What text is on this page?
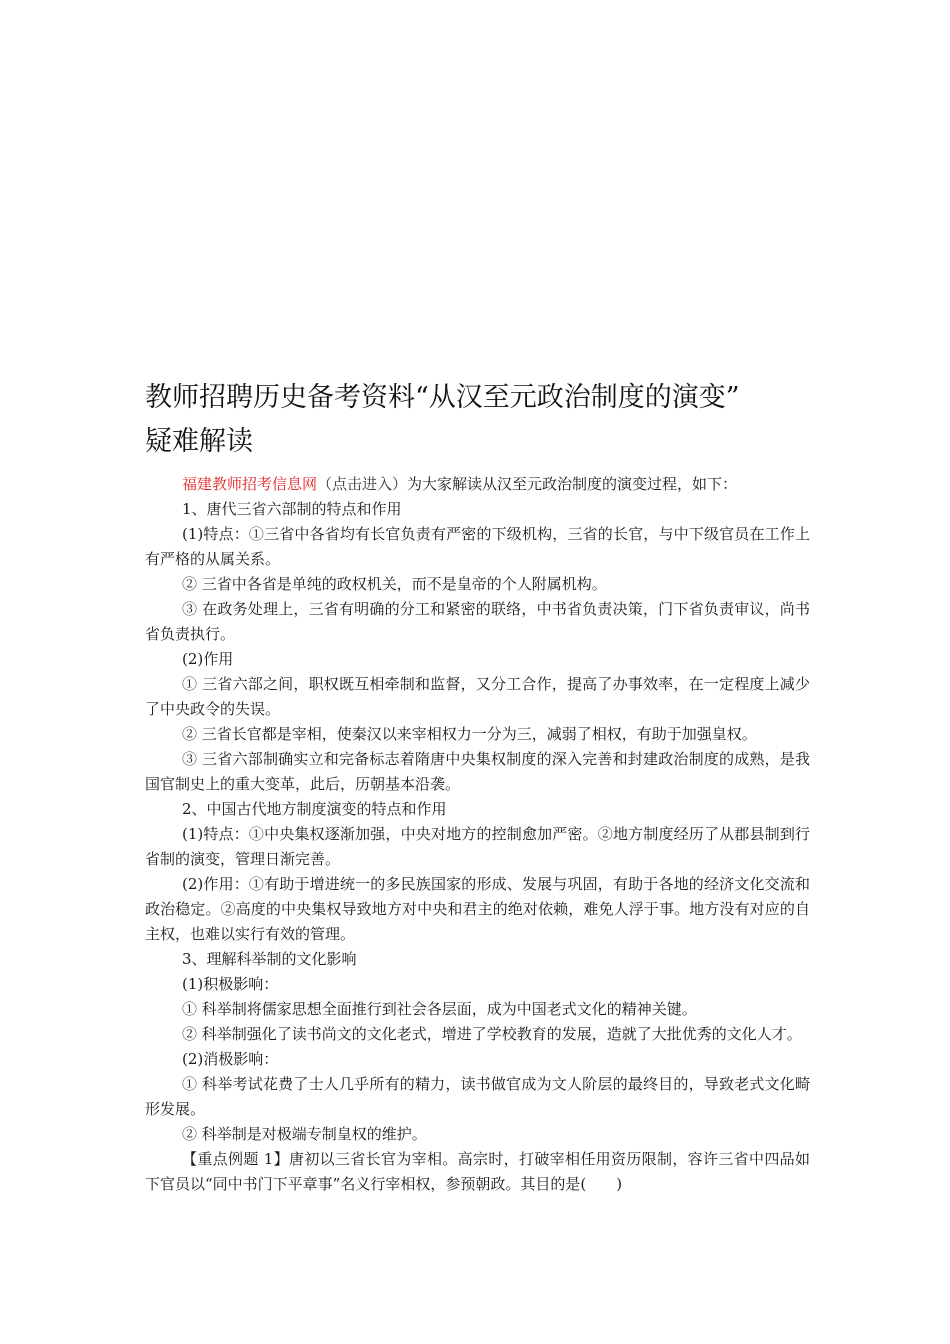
教师招聘历史备考资料“从汉至元政治制度的演变”
疑难解读

福建教师招考信息网（点击进入）为大家解读从汉至元政治制度的演变过程，如下：

1、唐代三省六部制的特点和作用

(1)特点：①三省中各省均有长官负责有严密的下级机构，三省的长官，与中下级官员在工作上有严格的从属关系。

② 三省中各省是单纯的政权机关，而不是皇帝的个人附属机构。

③ 在政务处理上，三省有明确的分工和紧密的联络，中书省负责决策，门下省负责审议，尚书省负责执行。

(2)作用

① 三省六部之间，职权既互相牵制和监督，又分工合作，提高了办事效率，在一定程度上减少了中央政令的失误。

② 三省长官都是宰相，使秦汉以来宰相权力一分为三，减弱了相权，有助于加强皇权。

③ 三省六部制确实立和完备标志着隋唐中央集权制度的深入完善和封建政治制度的成熟，是我国官制史上的重大变革，此后，历朝基本沿袭。

2、中国古代地方制度演变的特点和作用

(1)特点：①中央集权逐渐加强，中央对地方的控制愈加严密。②地方制度经历了从郡县制到行省制的演变，管理日渐完善。

(2)作用：①有助于增进统一的多民族国家的形成、发展与巩固，有助于各地的经济文化交流和政治稳定。②高度的中央集权导致地方对中央和君主的绝对依赖，难免人浮于事。地方没有对应的自主权，也难以实行有效的管理。

3、理解科举制的文化影响

(1)积极影响：

① 科举制将儒家思想全面推行到社会各层面，成为中国老式文化的精神关键。

② 科举制强化了读书尚文的文化老式，增进了学校教育的发展，造就了大批优秀的文化人才。

(2)消极影响：

① 科举考试花费了士人几乎所有的精力，读书做官成为文人阶层的最终目的，导致老式文化畸形发展。

② 科举制是对极端专制皇权的维护。

【重点例题 1】唐初以三省长官为宰相。高宗时，打破宰相任用资历限制，容许三省中四品如下官员以“同中书门下平章事”名义行宰相权，参预朝政。其目的是(　　)
